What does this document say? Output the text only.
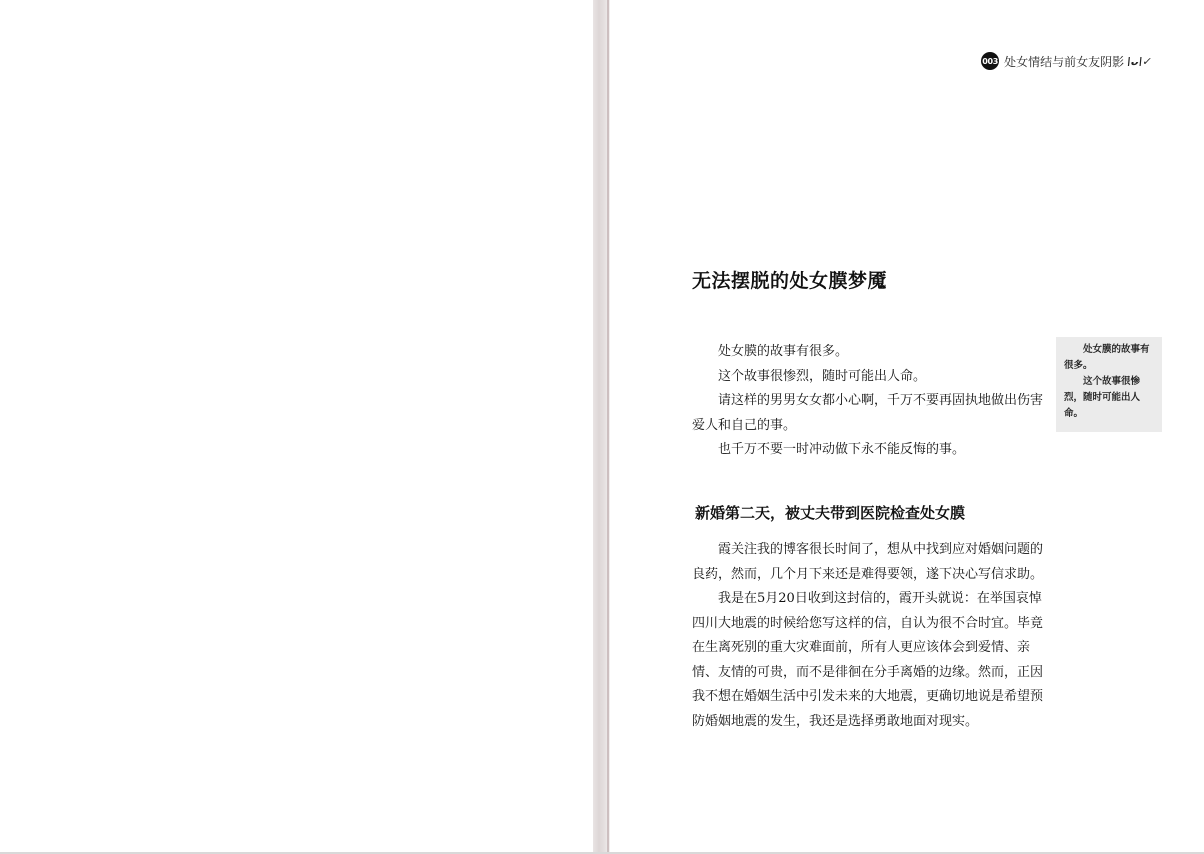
003 处女情结与前女友阴影 \ᴗ\✓
无法摆脱的处女膜梦魇

处女膜的故事有很多。

这个故事很惨烈，随时可能出人命。

请这样的男男女女都小心啊，千万不要再固执地做出伤害爱人和自己的事。

也千万不要一时冲动做下永不能反悔的事。

处女膜的故事有很多。

这个故事很惨烈，随时可能出人命。

新婚第二天，被丈夫带到医院检查处女膜

霞关注我的博客很长时间了，想从中找到应对婚姻问题的良药，然而，几个月下来还是难得要领，遂下决心写信求助。

我是在5月20日收到这封信的，霞开头就说：在举国哀悼四川大地震的时候给您写这样的信，自认为很不合时宜。毕竟在生离死别的重大灾难面前，所有人更应该体会到爱情、亲情、友情的可贵，而不是徘徊在分手离婚的边缘。然而，正因我不想在婚姻生活中引发未来的大地震，更确切地说是希望预防婚姻地震的发生，我还是选择勇敢地面对现实。
